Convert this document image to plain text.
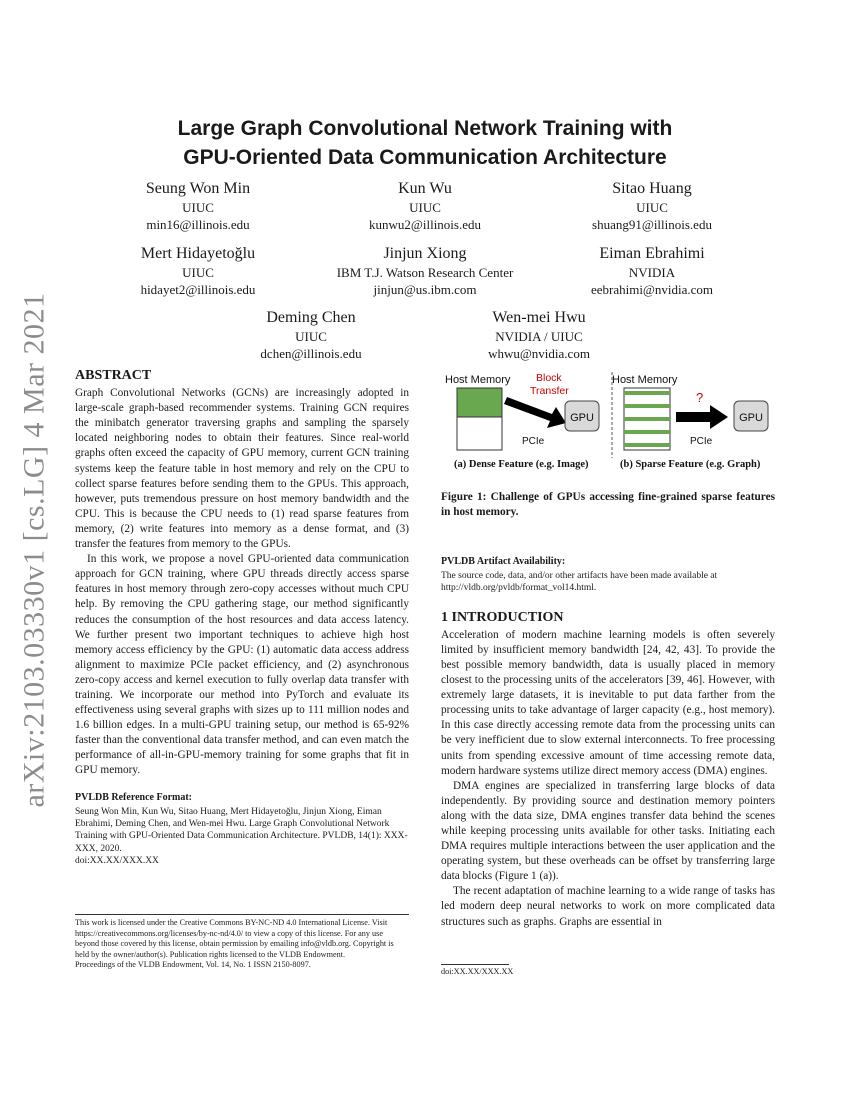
arXiv:2103.03330v1 [cs.LG] 4 Mar 2021
Large Graph Convolutional Network Training with
GPU-Oriented Data Communication Architecture
Seung Won Min
UIUC
min16@illinois.edu
Kun Wu
UIUC
kunwu2@illinois.edu
Sitao Huang
UIUC
shuang91@illinois.edu
Mert Hidayetoğlu
UIUC
hidayet2@illinois.edu
Jinjun Xiong
IBM T.J. Watson Research Center
jinjun@us.ibm.com
Eiman Ebrahimi
NVIDIA
eebrahimi@nvidia.com
Deming Chen
UIUC
dchen@illinois.edu
Wen-mei Hwu
NVIDIA / UIUC
whwu@nvidia.com
ABSTRACT

Graph Convolutional Networks (GCNs) are increasingly adopted in large-scale graph-based recommender systems. Training GCN requires the minibatch generator traversing graphs and sampling the sparsely located neighboring nodes to obtain their features. Since real-world graphs often exceed the capacity of GPU memory, current GCN training systems keep the feature table in host memory and rely on the CPU to collect sparse features before sending them to the GPUs. This approach, however, puts tremendous pressure on host memory bandwidth and the CPU. This is because the CPU needs to (1) read sparse features from memory, (2) write features into memory as a dense format, and (3) transfer the features from memory to the GPUs.

In this work, we propose a novel GPU-oriented data communication approach for GCN training, where GPU threads directly access sparse features in host memory through zero-copy accesses without much CPU help. By removing the CPU gathering stage, our method significantly reduces the consumption of the host resources and data access latency. We further present two important techniques to achieve high host memory access efficiency by the GPU: (1) automatic data access address alignment to maximize PCIe packet efficiency, and (2) asynchronous zero-copy access and kernel execution to fully overlap data transfer with training. We incorporate our method into PyTorch and evaluate its effectiveness using several graphs with sizes up to 111 million nodes and 1.6 billion edges. In a multi-GPU training setup, our method is 65-92% faster than the conventional data transfer method, and can even match the performance of all-in-GPU-memory training for some graphs that fit in GPU memory.

PVLDB Reference Format:

Seung Won Min, Kun Wu, Sitao Huang, Mert Hidayetoğlu, Jinjun Xiong, Eiman Ebrahimi, Deming Chen, and Wen-mei Hwu. Large Graph Convolutional Network Training with GPU-Oriented Data Communication Architecture. PVLDB, 14(1): XXX-XXX, 2020.

doi:XX.XX/XXX.XX

This work is licensed under the Creative Commons BY-NC-ND 4.0 International License. Visit https://creativecommons.org/licenses/by-nc-nd/4.0/ to view a copy of this license. For any use beyond those covered by this license, obtain permission by emailing info@vldb.org. Copyright is held by the owner/author(s). Publication rights licensed to the VLDB Endowment.

Proceedings of the VLDB Endowment, Vol. 14, No. 1 ISSN 2150-8097.

Host Memory Block
Transfer
GPU
PCIe
Host Memory
?
GPU
PCIe
(a) Dense Feature (e.g. Image)	(b) Sparse Feature (e.g. Graph)

Figure 1: Challenge of GPUs accessing fine-grained sparse features in host memory.

PVLDB Artifact Availability:

The source code, data, and/or other artifacts have been made available at http://vldb.org/pvldb/format_vol14.html.

1 INTRODUCTION

Acceleration of modern machine learning models is often severely limited by insufficient memory bandwidth [24, 42, 43]. To provide the best possible memory bandwidth, data is usually placed in memory closest to the processing units of the accelerators [39, 46]. However, with extremely large datasets, it is inevitable to put data farther from the processing units to take advantage of larger capacity (e.g., host memory). In this case directly accessing remote data from the processing units can be very inefficient due to slow external interconnects. To free processing units from spending excessive amount of time accessing remote data, modern hardware systems utilize direct memory access (DMA) engines.

DMA engines are specialized in transferring large blocks of data independently. By providing source and destination memory pointers along with the data size, DMA engines transfer data behind the scenes while keeping processing units available for other tasks. Initiating each DMA requires multiple interactions between the user application and the operating system, but these overheads can be offset by transferring large data blocks (Figure 1 (a)).

The recent adaptation of machine learning to a wide range of tasks has led modern deep neural networks to work on more complicated data structures such as graphs. Graphs are essential in

doi:XX.XX/XXX.XX
